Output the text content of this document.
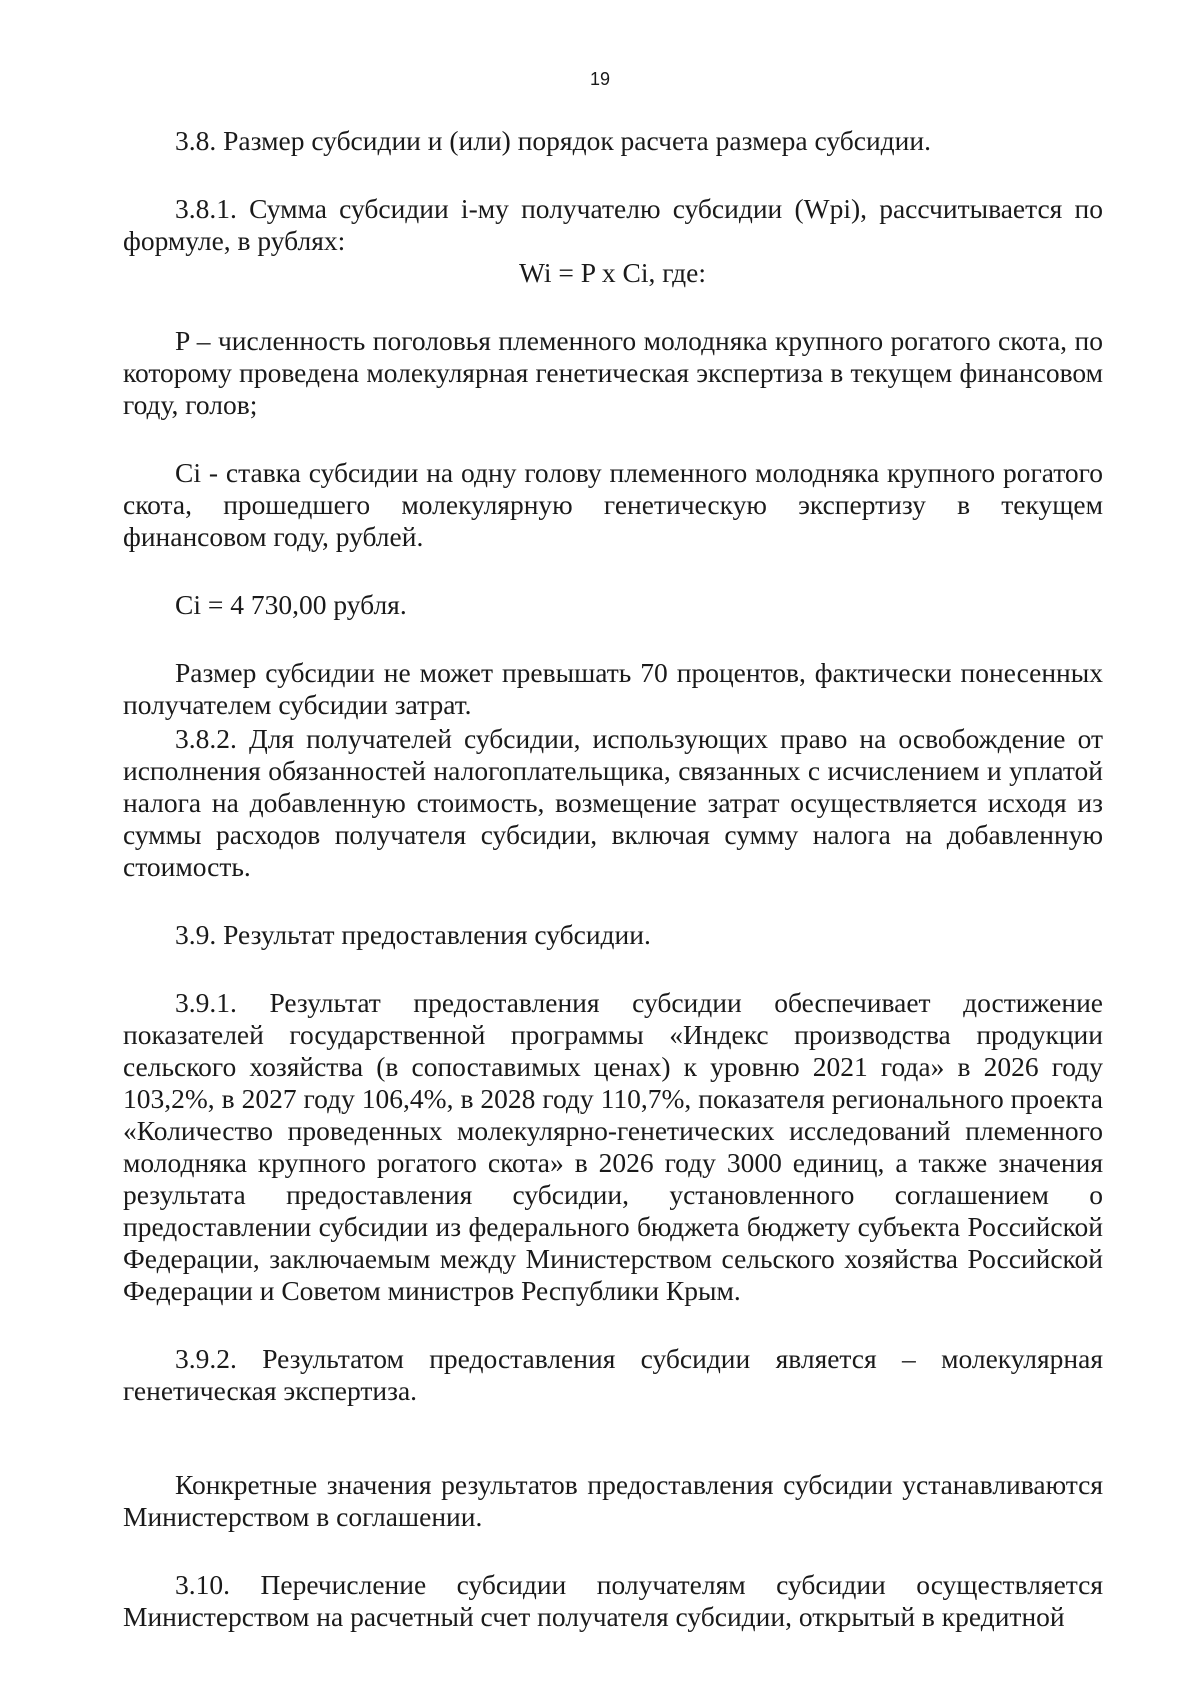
19

3.8. Размер субсидии и (или) порядок расчета размера субсидии.

3.8.1. Сумма субсидии i-му получателю субсидии (Wpi), рассчитывается по формуле, в рублях:

Wi = P x Ci, где:

P – численность поголовья племенного молодняка крупного рогатого скота, по которому проведена молекулярная генетическая экспертиза в текущем финансовом году, голов;

Ci - ставка субсидии на одну голову племенного молодняка крупного рогатого скота, прошедшего молекулярную генетическую экспертизу в текущем финансовом году, рублей.

Ci = 4 730,00 рубля.

Размер субсидии не может превышать 70 процентов, фактически понесенных получателем субсидии затрат.

3.8.2. Для получателей субсидии, использующих право на освобождение от исполнения обязанностей налогоплательщика, связанных с исчислением и уплатой налога на добавленную стоимость, возмещение затрат осуществляется исходя из суммы расходов получателя субсидии, включая сумму налога на добавленную стоимость.

3.9. Результат предоставления субсидии.

3.9.1. Результат предоставления субсидии обеспечивает достижение показателей государственной программы «Индекс производства продукции сельского хозяйства (в сопоставимых ценах) к уровню 2021 года» в 2026 году 103,2%, в 2027 году 106,4%, в 2028 году 110,7%, показателя регионального проекта «Количество проведенных молекулярно-генетических исследований племенного молодняка крупного рогатого скота» в 2026 году 3000 единиц, а также значения результата предоставления субсидии, установленного соглашением о предоставлении субсидии из федерального бюджета бюджету субъекта Российской Федерации, заключаемым между Министерством сельского хозяйства Российской Федерации и Советом министров Республики Крым.

3.9.2. Результатом предоставления субсидии является – молекулярная генетическая экспертиза.

Конкретные значения результатов предоставления субсидии устанавливаются Министерством в соглашении.

3.10. Перечисление субсидии получателям субсидии осуществляется Министерством на расчетный счет получателя субсидии, открытый в кредитной
